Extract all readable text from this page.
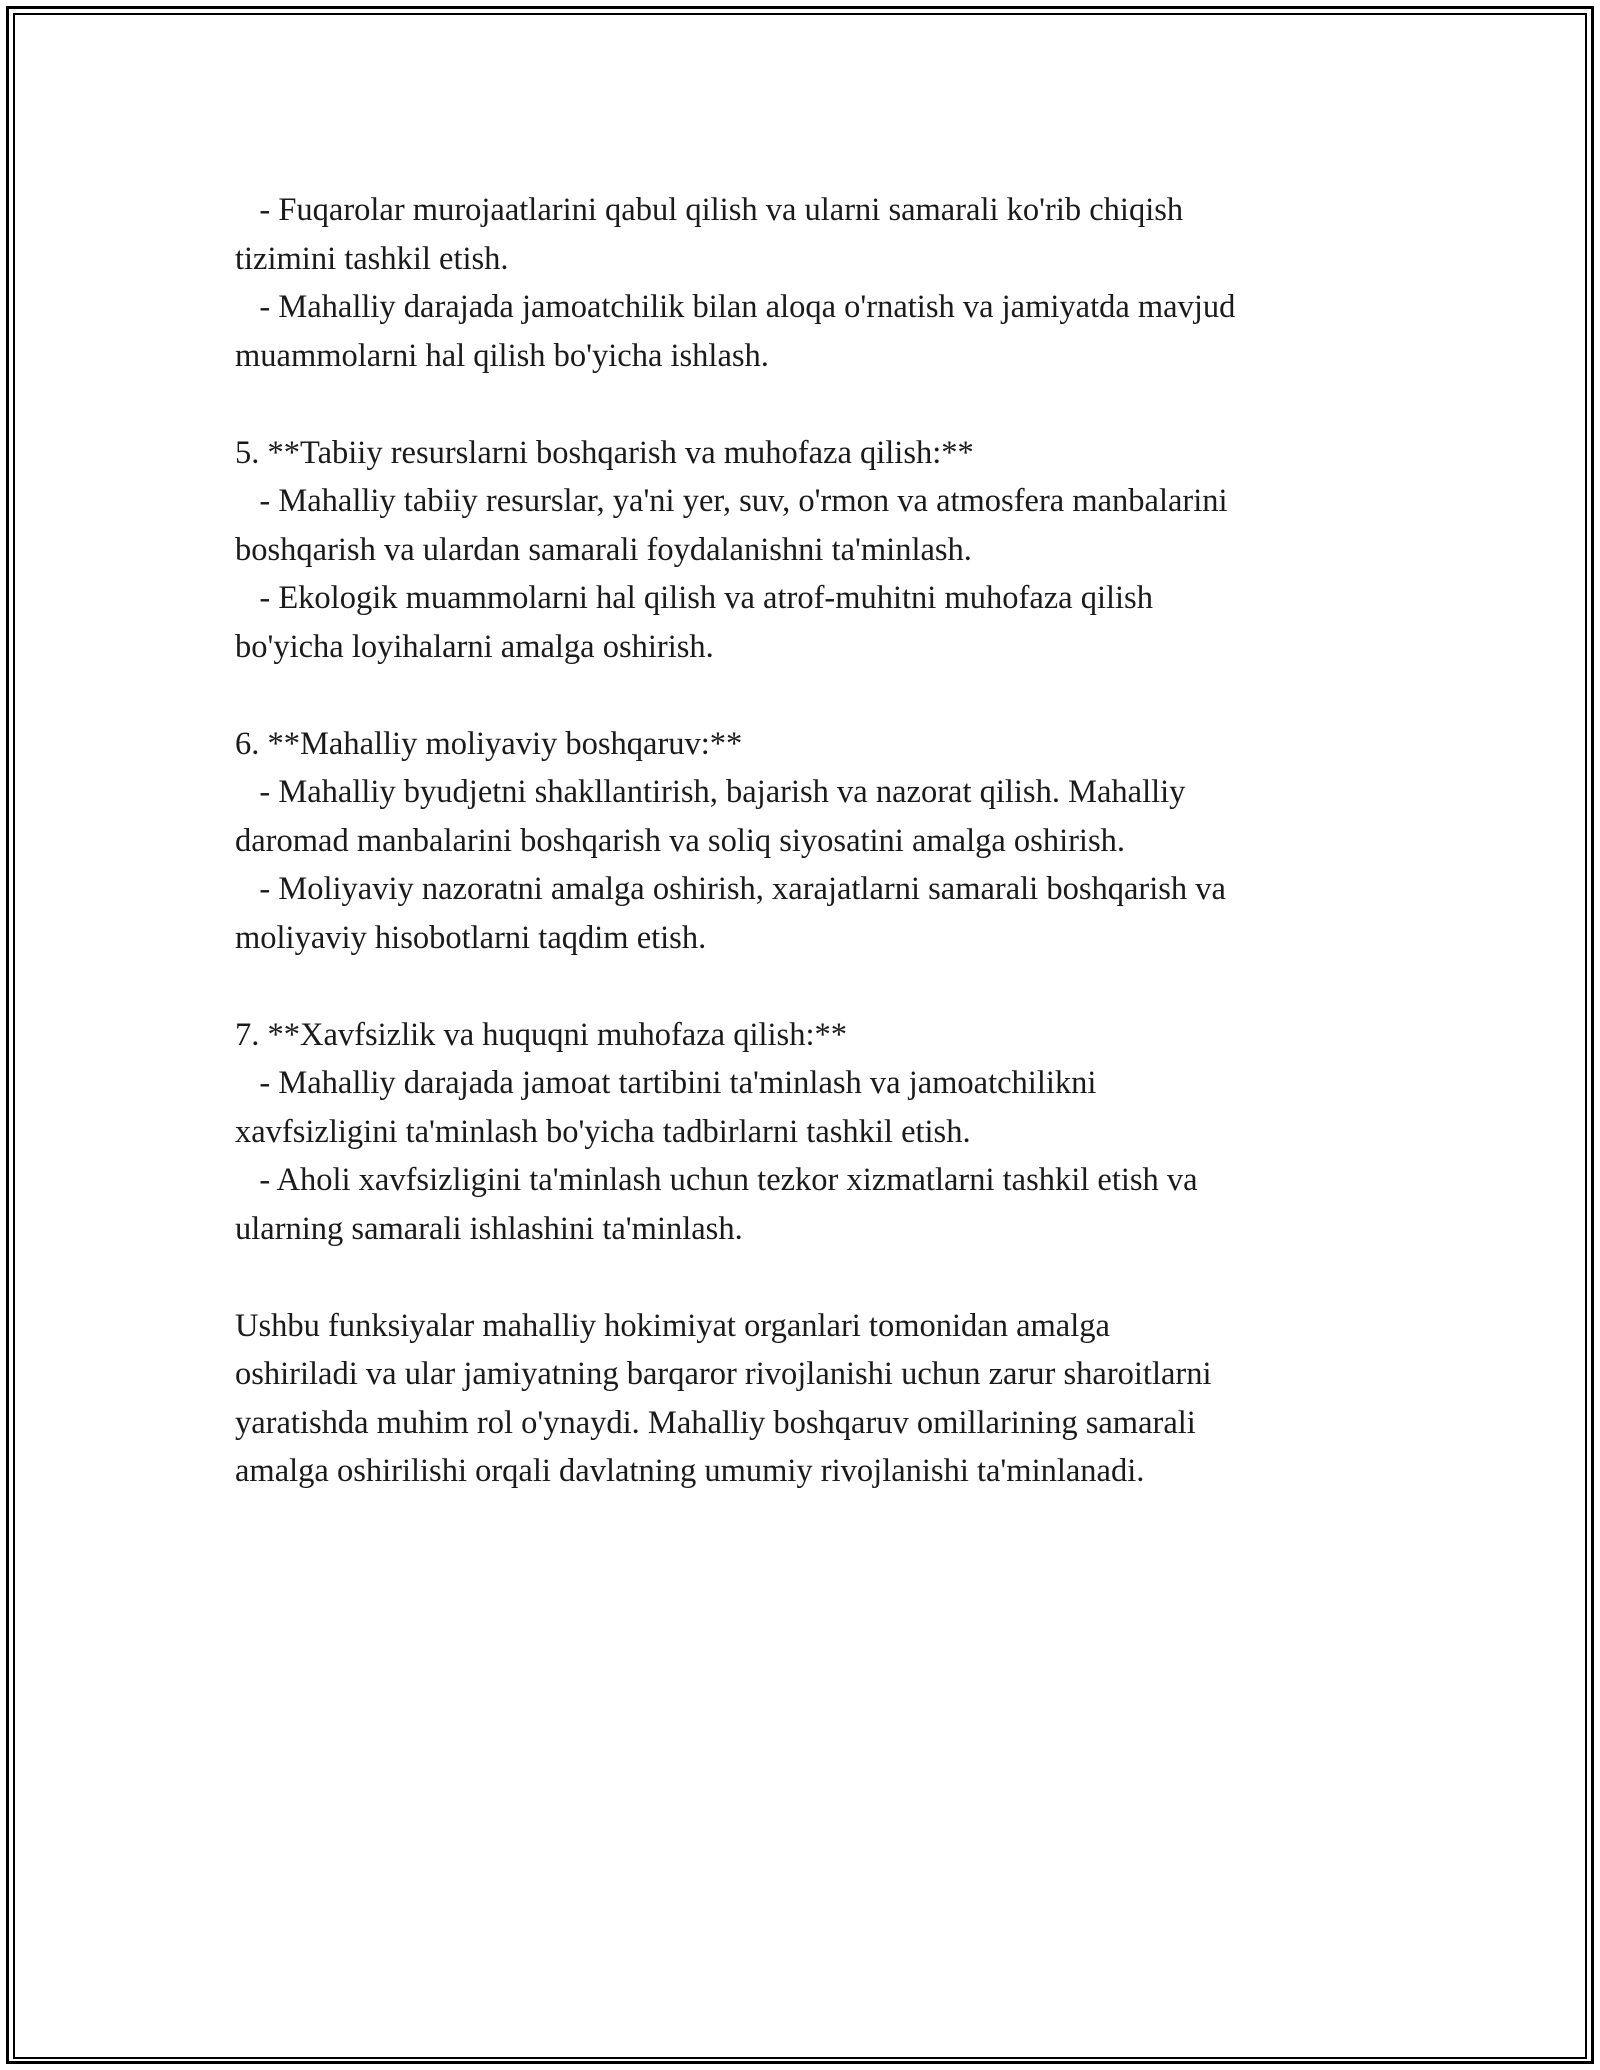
- Fuqarolar murojaatlarini qabul qilish va ularni samarali ko'rib chiqish
tizimini tashkil etish.
- Mahalliy darajada jamoatchilik bilan aloqa o'rnatish va jamiyatda mavjud
muammolarni hal qilish bo'yicha ishlash.
5. **Tabiiy resurslarni boshqarish va muhofaza qilish:**
- Mahalliy tabiiy resurslar, ya'ni yer, suv, o'rmon va atmosfera manbalarini
boshqarish va ulardan samarali foydalanishni ta'minlash.
- Ekologik muammolarni hal qilish va atrof-muhitni muhofaza qilish
bo'yicha loyihalarni amalga oshirish.
6. **Mahalliy moliyaviy boshqaruv:**
- Mahalliy byudjetni shakllantirish, bajarish va nazorat qilish. Mahalliy
daromad manbalarini boshqarish va soliq siyosatini amalga oshirish.
- Moliyaviy nazoratni amalga oshirish, xarajatlarni samarali boshqarish va
moliyaviy hisobotlarni taqdim etish.
7. **Xavfsizlik va huquqni muhofaza qilish:**
- Mahalliy darajada jamoat tartibini ta'minlash va jamoatchilikni
xavfsizligini ta'minlash bo'yicha tadbirlarni tashkil etish.
- Aholi xavfsizligini ta'minlash uchun tezkor xizmatlarni tashkil etish va
ularning samarali ishlashini ta'minlash.
Ushbu funksiyalar mahalliy hokimiyat organlari tomonidan amalga
oshiriladi va ular jamiyatning barqaror rivojlanishi uchun zarur sharoitlarni
yaratishda muhim rol o'ynaydi. Mahalliy boshqaruv omillarining samarali
amalga oshirilishi orqali davlatning umumiy rivojlanishi ta'minlanadi.
